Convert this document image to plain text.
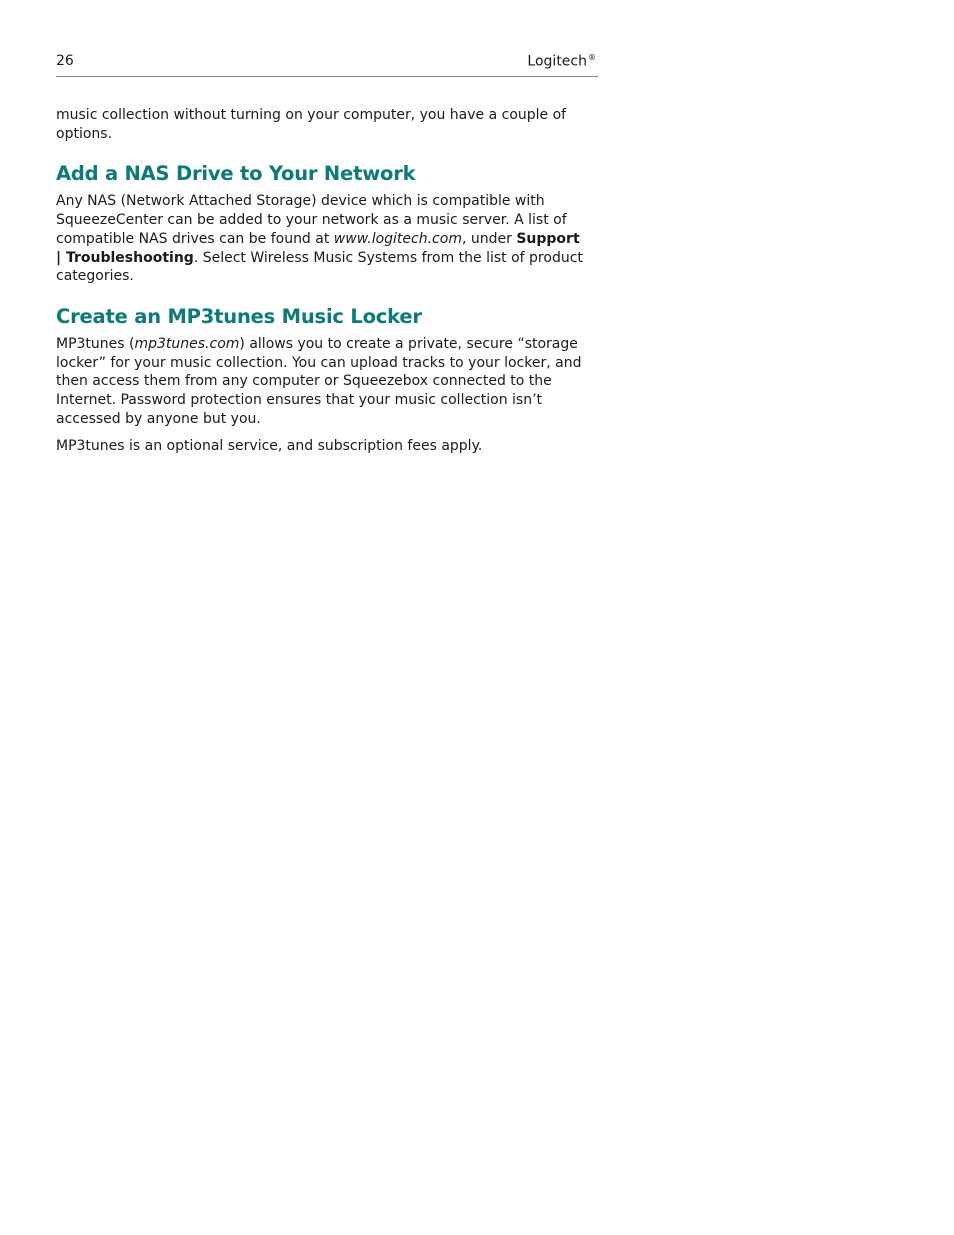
26	Logitech®

music collection without turning on your computer, you have a couple of options.

Add a NAS Drive to Your Network

Any NAS (Network Attached Storage) device which is compatible with SqueezeCenter can be added to your network as a music server. A list of compatible NAS drives can be found at www.logitech.com, under Support | Troubleshooting. Select Wireless Music Systems from the list of product categories.

Create an MP3tunes Music Locker

MP3tunes (mp3tunes.com) allows you to create a private, secure “storage locker” for your music collection. You can upload tracks to your locker, and then access them from any computer or Squeezebox connected to the Internet. Password protection ensures that your music collection isn’t accessed by anyone but you.

MP3tunes is an optional service, and subscription fees apply.
